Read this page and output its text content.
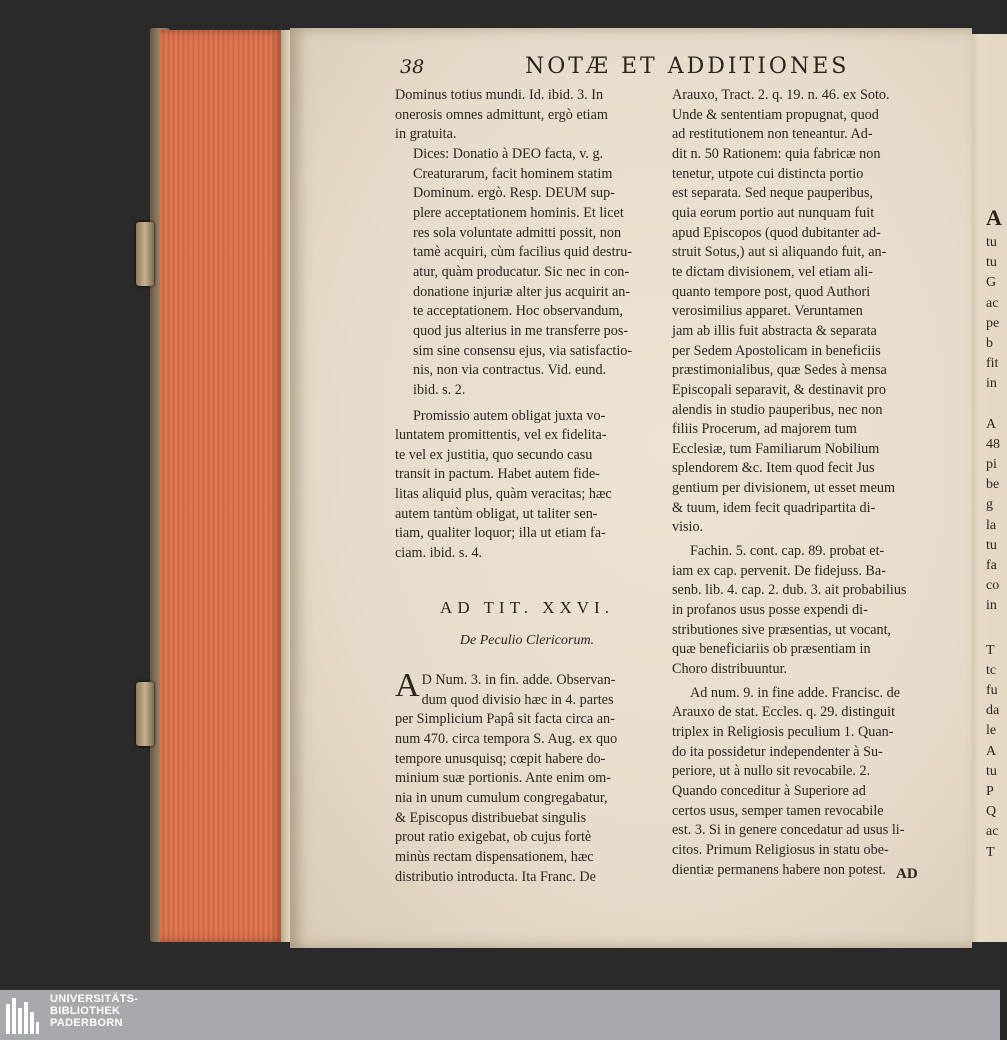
38	NOTÆ ET ADDITIONES

Dominus totius mundi. Id. ibid. 3. In
onerosis omnes admittunt, ergò etiam
in gratuita.

Dices: Donatio à DEO facta, v. g.
Creaturarum, facit hominem statim
Dominum. ergò. Resp. DEUM sup-
plere acceptationem hominis. Et licet
res sola voluntate admitti possit, non
tamè acquiri, cùm facilius quid destru-
atur, quàm producatur. Sic nec in con-
donatione injuriæ alter jus acquirit an-
te acceptationem. Hoc observandum,
quod jus alterius in me transferre pos-
sim sine consensu ejus, via satisfactio-
nis, non via contractus. Vid. eund.
ibid. s. 2.

Promissio autem obligat juxta vo-
luntatem promittentis, vel ex fidelita-
te vel ex justitia, quo secundo casu
transit in pactum. Habet autem fide-
litas aliquid plus, quàm veracitas; hæc
autem tantùm obligat, ut taliter sen-
tiam, qualiter loquor; illa ut etiam fa-
ciam. ibid. s. 4.

AD TIT. XXVI.
De Peculio Clericorum.

A D Num. 3. in fin. adde. Observan-
dum quod divisio hæc in 4. partes
per Simplicium Papâ sit facta circa an-
num 470. circa tempora S. Aug. ex quo
tempore unusquisq; cœpit habere do-
minium suæ portionis. Ante enim om-
nia in unum cumulum congregabatur,
& Episcopus distribuebat singulis
prout ratio exigebat, ob cujus fortè
minùs rectam dispensationem, hæc
distributio introducta. Ita Franc. De

Arauxo, Tract. 2. q. 19. n. 46. ex Soto.
Unde & sententiam propugnat, quod
ad restitutionem non teneantur. Ad-
dit n. 50 Rationem: quia fabricæ non
tenetur, utpote cui distincta portio
est separata. Sed neque pauperibus,
quia eorum portio aut nunquam fuit
apud Episcopos (quod dubitanter ad-
struit Sotus,) aut si aliquando fuit, an-
te dictam divisionem, vel etiam ali-
quanto tempore post, quod Authori
verosimilius apparet. Veruntamen
jam ab illis fuit abstracta & separata
per Sedem Apostolicam in beneficiis
præstimonialibus, quæ Sedes à mensa
Episcopali separavit, & destinavit pro
alendis in studio pauperibus, nec non
filiis Procerum, ad majorem tum
Ecclesiæ, tum Familiarum Nobilium
splendorem &c. Item quod fecit Jus
gentium per divisionem, ut esset meum
& tuum, idem fecit quadripartita di-
visio.

Fachin. 5. cont. cap. 89. probat et-
iam ex cap. pervenit. De fidejuss. Ba-
senb. lib. 4. cap. 2. dub. 3. ait probabilius
in profanos usus posse expendi di-
stributiones sive præsentias, ut vocant,
quæ beneficiariis ob præsentiam in
Choro distribuuntur.

Ad num. 9. in fine adde. Francisc. de
Arauxo de stat. Eccles. q. 29. distinguit
triplex in Religiosis peculium 1. Quan-
do ita possidetur independenter à Su-
periore, ut à nullo sit revocabile. 2.
Quando conceditur à Superiore ad
certos usus, semper tamen revocabile
est. 3. Si in genere concedatur ad usus li-
citos. Primum Religiosus in statu obe-
dientiæ permanens habere non potest. AD
A
tu
tu
G
ac
pe
b
fit
in
A
48
pi
be
g
la
tu
fa
co
in
T
tc
fu
da
le
A
tu
P
Q
ac
T
UNIVERSITÄTS-
BIBLIOTHEK
PADERBORN
